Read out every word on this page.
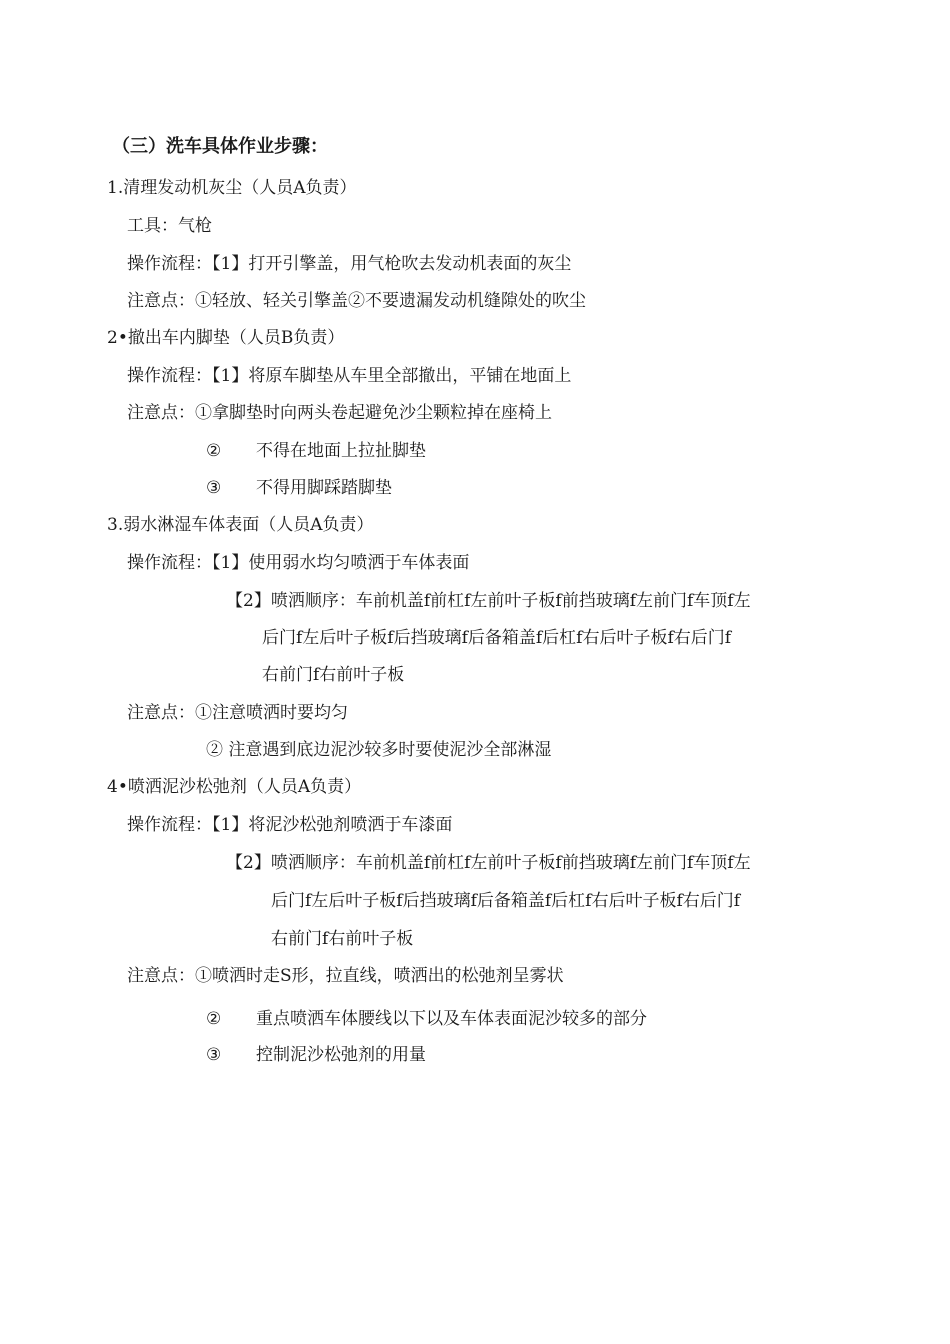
（三）洗车具体作业步骤：
1.清理发动机灰尘（人员A负责）
工具：气枪
操作流程：【1】打开引擎盖，用气枪吹去发动机表面的灰尘
注意点：①轻放、轻关引擎盖②不要遗漏发动机缝隙处的吹尘
2•撤出车内脚垫（人员B负责）
操作流程：【1】将原车脚垫从车里全部撤出，平铺在地面上
注意点：①拿脚垫时向两头卷起避免沙尘颗粒掉在座椅上
② 不得在地面上拉扯脚垫
③ 不得用脚踩踏脚垫
3.弱水淋湿车体表面（人员A负责）
操作流程：【1】使用弱水均匀喷洒于车体表面
【2】喷洒顺序：车前机盖f前杠f左前叶子板f前挡玻璃f左前门f车顶f左
后门f左后叶子板f后挡玻璃f后备箱盖f后杠f右后叶子板f右后门f
右前门f右前叶子板
注意点：①注意喷洒时要均匀
② 注意遇到底边泥沙较多时要使泥沙全部淋湿
4•喷洒泥沙松弛剂（人员A负责）
操作流程：【1】将泥沙松弛剂喷洒于车漆面
【2】喷洒顺序：车前机盖f前杠f左前叶子板f前挡玻璃f左前门f车顶f左
后门f左后叶子板f后挡玻璃f后备箱盖f后杠f右后叶子板f右后门f
右前门f右前叶子板
注意点：①喷洒时走S形，拉直线，喷洒出的松弛剂呈雾状
② 重点喷洒车体腰线以下以及车体表面泥沙较多的部分
③ 控制泥沙松弛剂的用量
